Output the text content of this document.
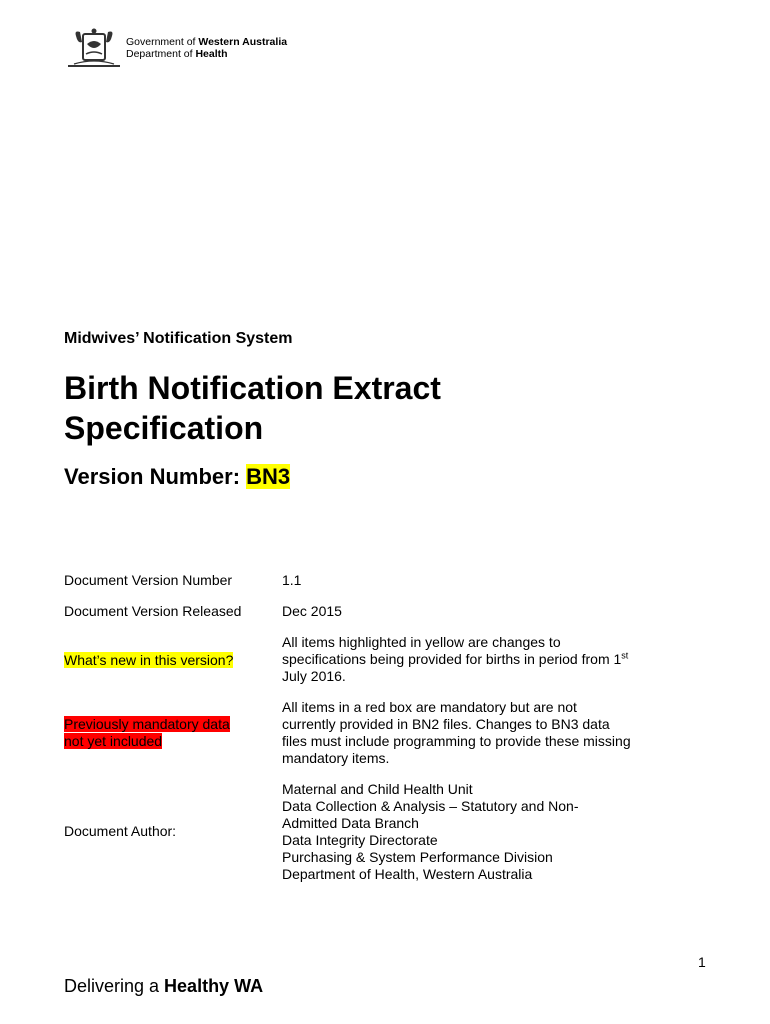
Government of Western Australia
Department of Health
Midwives’ Notification System
Birth Notification Extract
Specification
Version Number: BN3
Document Version Number	1.1
Document Version Released	Dec 2015
What’s new in this version?
All items highlighted in yellow are changes to
specifications being provided for births in period from 1st
July 2016.
Previously mandatory data
not yet included
All items in a red box are mandatory but are not
currently provided in BN2 files. Changes to BN3 data
files must include programming to provide these missing
mandatory items.
Document Author:
Maternal and Child Health Unit
Data Collection & Analysis – Statutory and Non-
Admitted Data Branch
Data Integrity Directorate
Purchasing & System Performance Division
Department of Health, Western Australia
1
Delivering a Healthy WA
